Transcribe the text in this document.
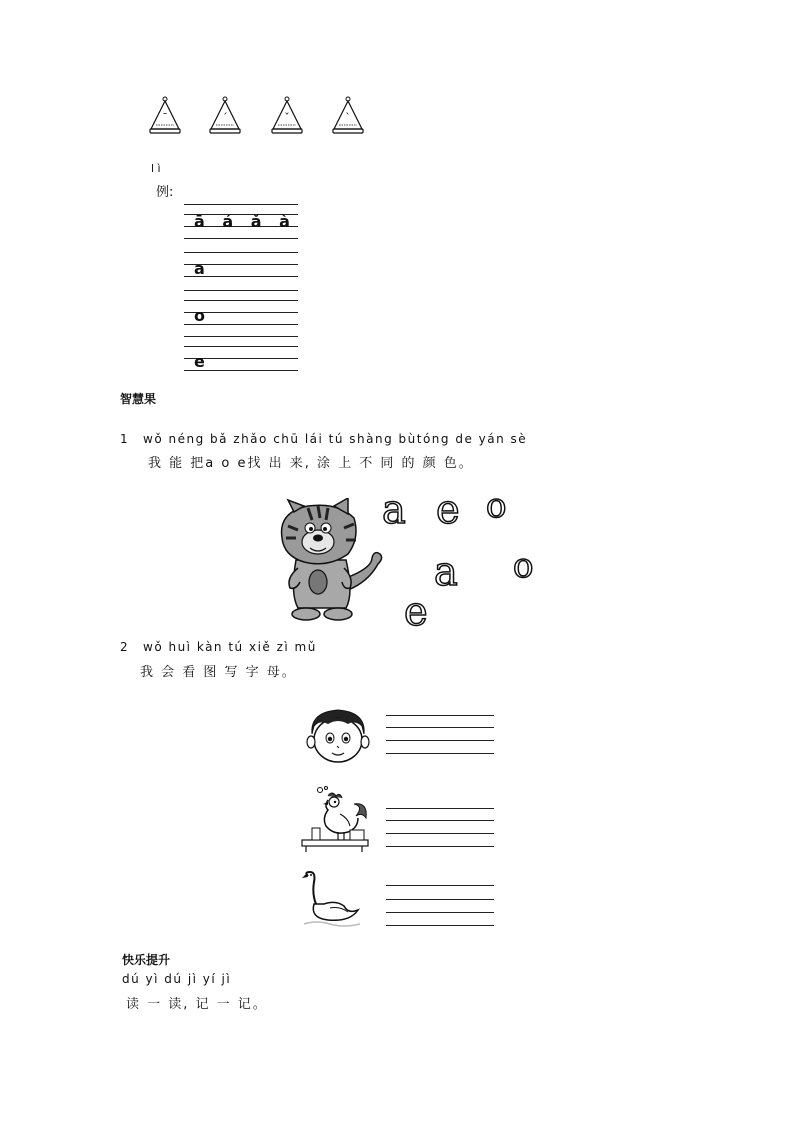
¯	ˊ	ˇ	ˋ
l ì
例:
ā á ǎ à
a
o
e
智慧果
1 wǒ néng bǎ zhǎo chū lái tú shàng bùtóng de yán sè
我 能 把a o e找 出 来, 涂 上 不 同 的 颜 色。
a e o
a o
e
2 wǒ huì kàn tú xiě zì mǔ
我 会 看 图 写 字 母。
快乐提升
dú yì dú jì yí jì
读 一 读, 记 一 记。
